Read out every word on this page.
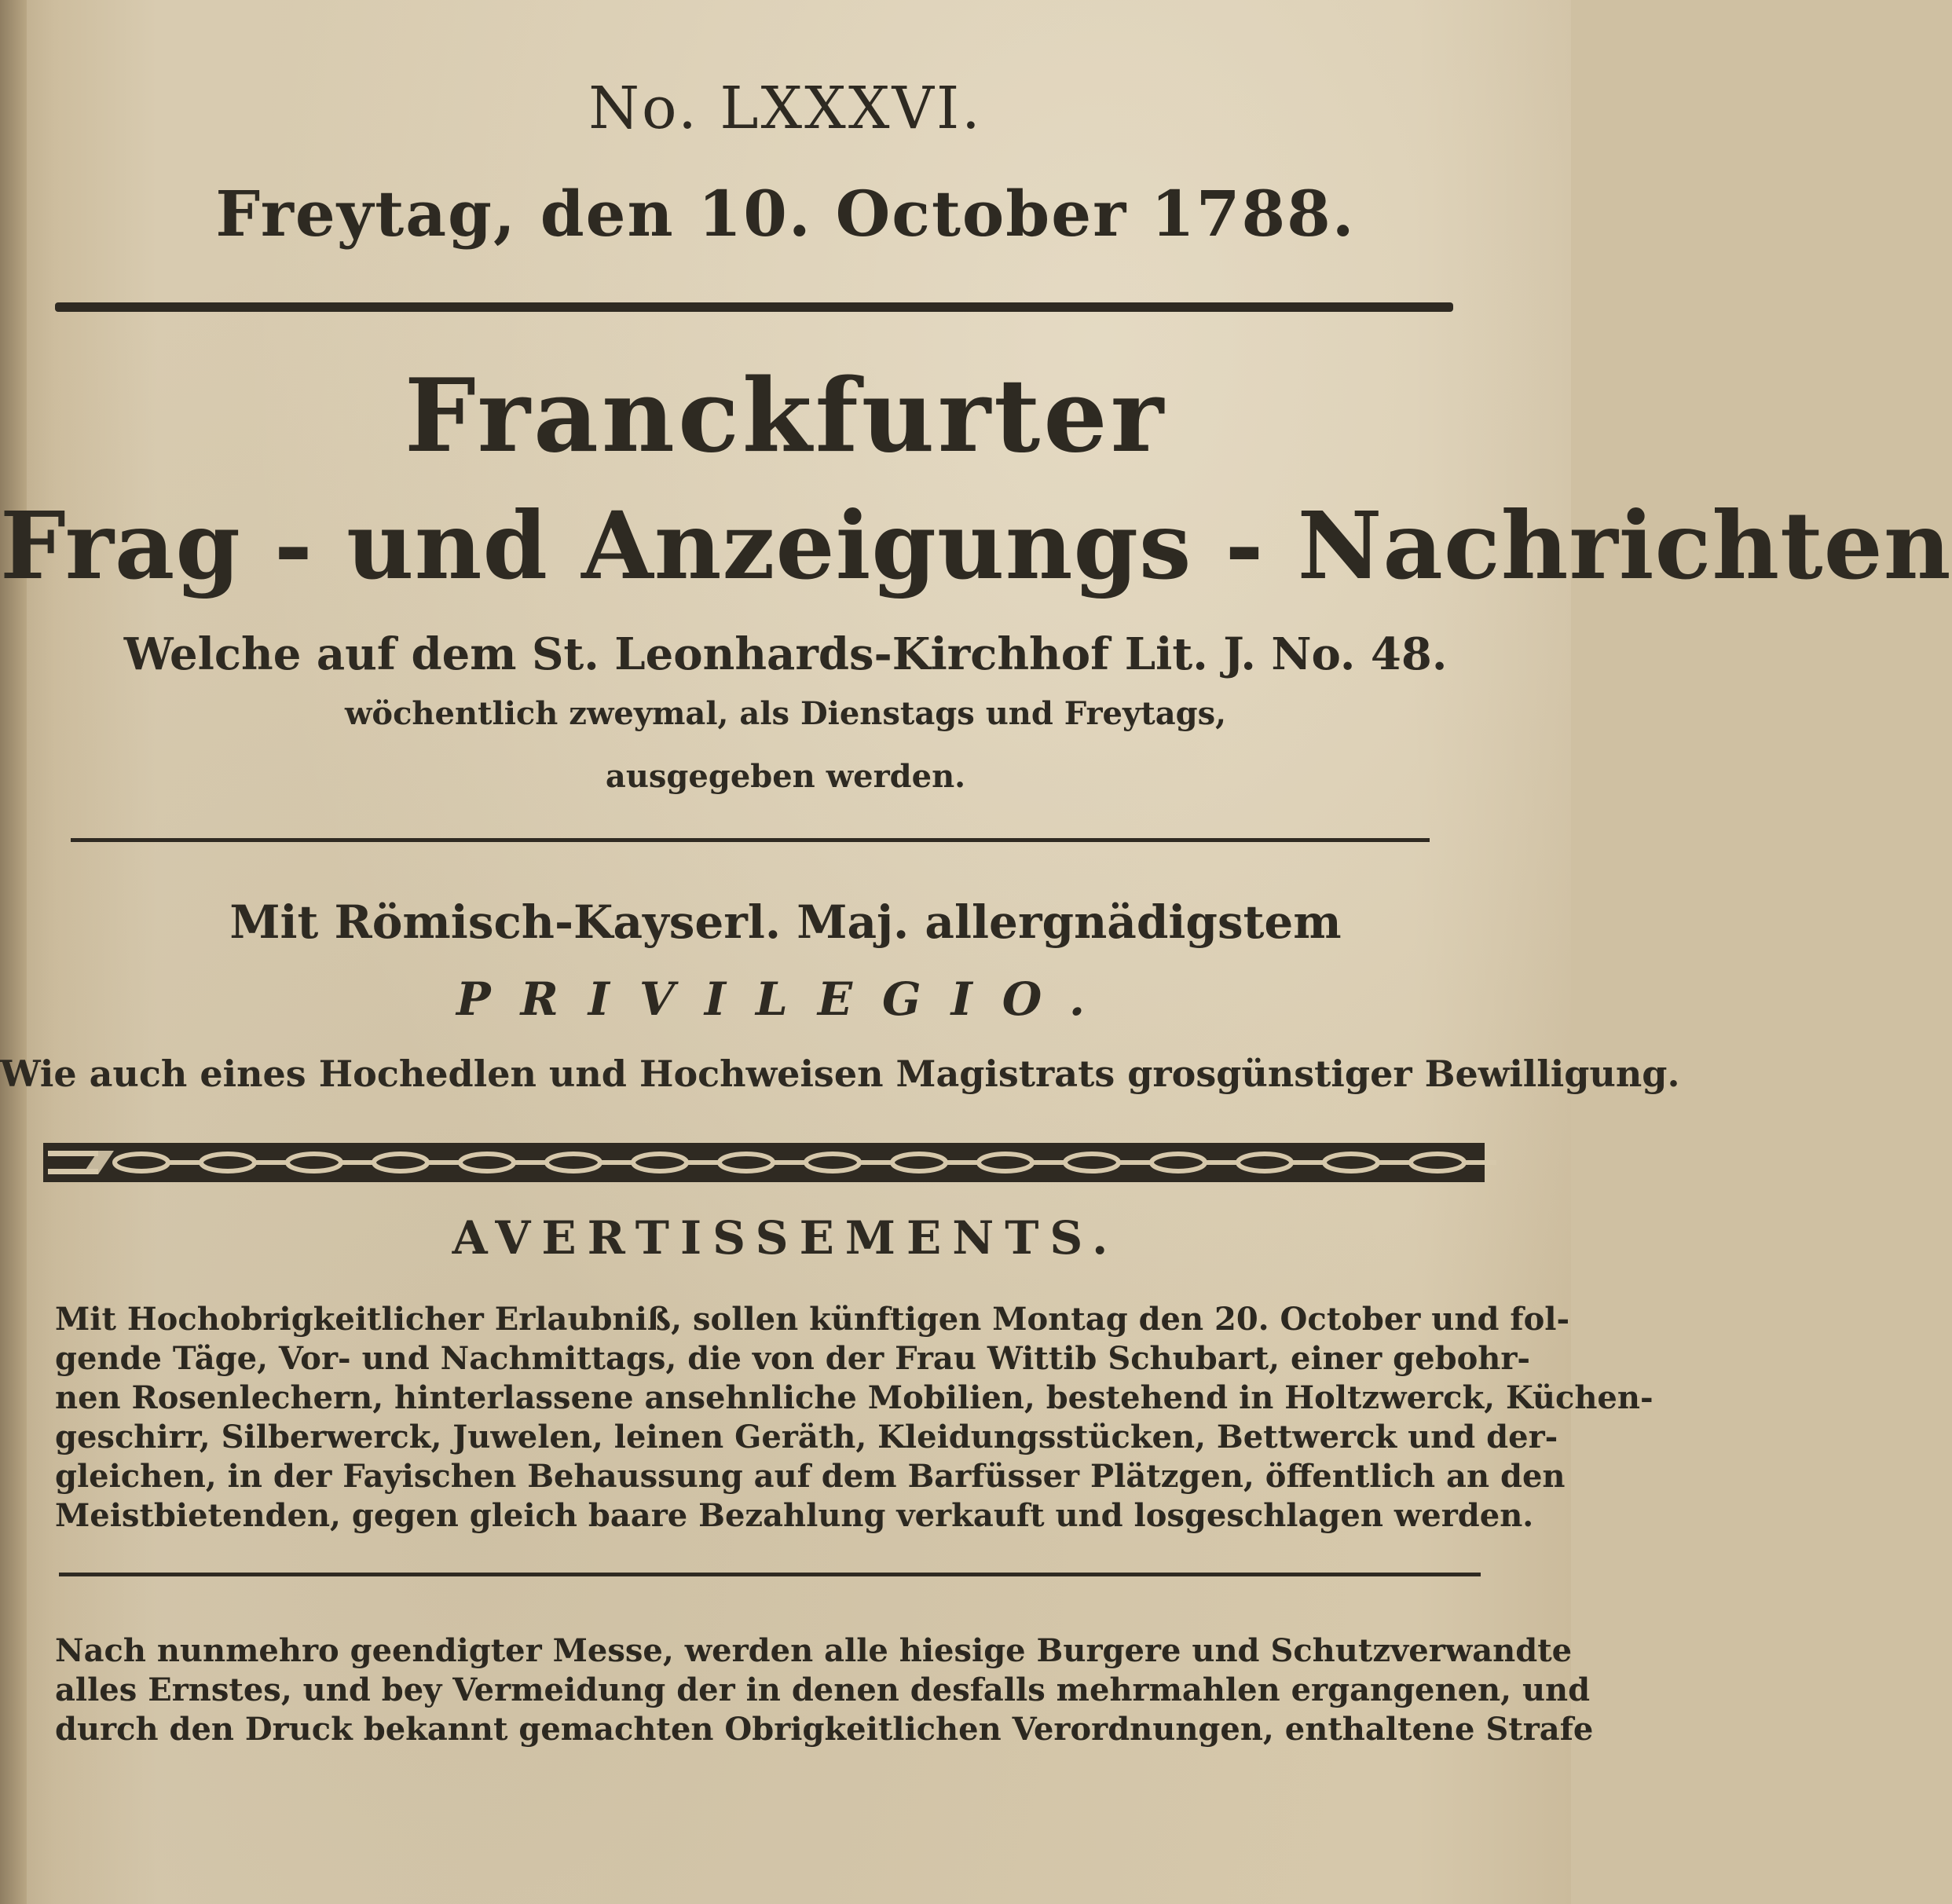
No. LXXXVI.
Freytag, den 10. October 1788.
Franckfurter
Frag - und Anzeigungs - Nachrichten
Welche auf dem St. Leonhards-Kirchhof Lit. J. No. 48.
wöchentlich zweymal, als Dienstags und Freytags,
ausgegeben werden.
Mit Römisch-Kayserl. Maj. allergnädigstem
PRIVILEGIO.
Wie auch eines Hochedlen und Hochweisen Magistrats grosgünstiger Bewilligung.
AVERTISSEMENTS.
Mit Hochobrigkeitlicher Erlaubniß, sollen künftigen Montag den 20. October und fol-
gende Täge, Vor- und Nachmittags, die von der Frau Wittib Schubart, einer gebohr-
nen Rosenlechern, hinterlassene ansehnliche Mobilien, bestehend in Holtzwerck, Küchen-
geschirr, Silberwerck, Juwelen, leinen Geräth, Kleidungsstücken, Bettwerck und der-
gleichen, in der Fayischen Behaussung auf dem Barfüsser Plätzgen, öffentlich an den
Meistbietenden, gegen gleich baare Bezahlung verkauft und losgeschlagen werden.
Nach nunmehro geendigter Messe, werden alle hiesige Burgere und Schutzverwandte
alles Ernstes, und bey Vermeidung der in denen desfalls mehrmahlen ergangenen, und
durch den Druck bekannt gemachten Obrigkeitlichen Verordnungen, enthaltene Strafe
